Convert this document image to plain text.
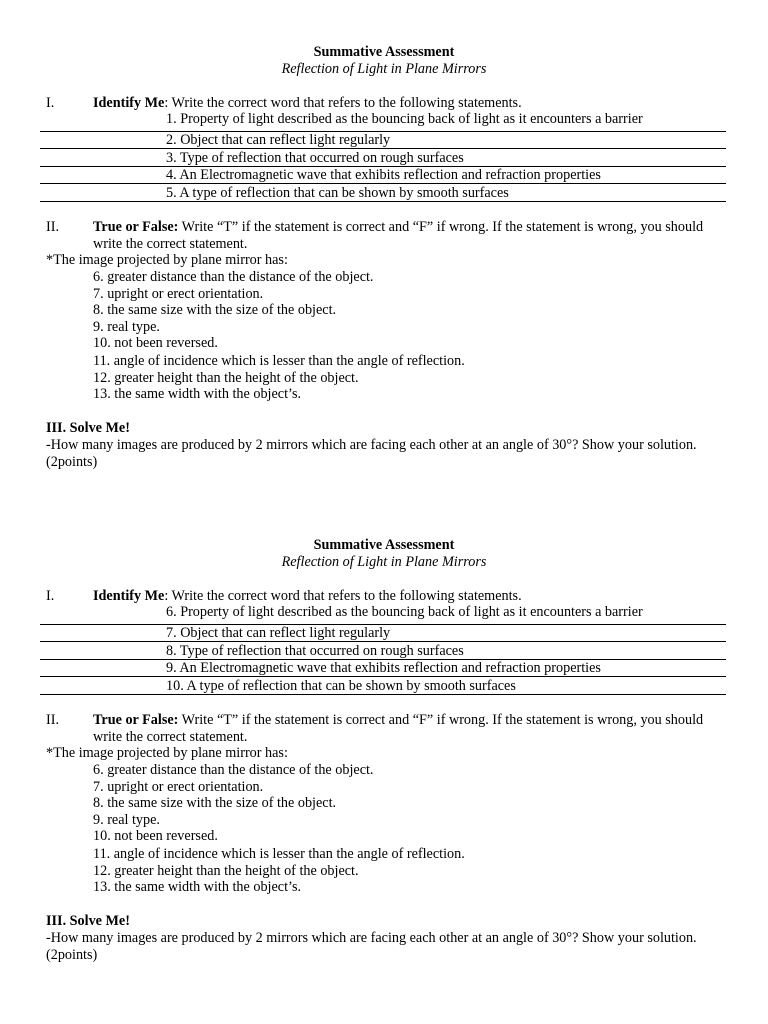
Summative Assessment
Reflection of Light in Plane Mirrors
I.	Identify Me: Write the correct word that refers to the following statements.
1. Property of light described as the bouncing back of light as it encounters a barrier
2. Object that can reflect light regularly
3. Type of reflection that occurred on rough surfaces
4. An Electromagnetic wave that exhibits reflection and refraction properties
5. A type of reflection that can be shown by smooth surfaces
II. True or False: Write “T” if the statement is correct and “F” if wrong. If the statement is wrong, you should write the correct statement.
*The image projected by plane mirror has:
6. greater distance than the distance of the object.
7. upright or erect orientation.
8. the same size with the size of the object.
9. real type.
10. not been reversed.
11. angle of incidence which is lesser than the angle of reflection.
12. greater height than the height of the object.
13. the same width with the object’s.
III. Solve Me!
-How many images are produced by 2 mirrors which are facing each other at an angle of 30°? Show your solution. (2points)
Summative Assessment
Reflection of Light in Plane Mirrors
I.	Identify Me: Write the correct word that refers to the following statements.
6. Property of light described as the bouncing back of light as it encounters a barrier
7. Object that can reflect light regularly
8. Type of reflection that occurred on rough surfaces
9. An Electromagnetic wave that exhibits reflection and refraction properties
10. A type of reflection that can be shown by smooth surfaces
II. True or False: Write “T” if the statement is correct and “F” if wrong. If the statement is wrong, you should write the correct statement.
*The image projected by plane mirror has:
6. greater distance than the distance of the object.
7. upright or erect orientation.
8. the same size with the size of the object.
9. real type.
10. not been reversed.
11. angle of incidence which is lesser than the angle of reflection.
12. greater height than the height of the object.
13. the same width with the object’s.
III. Solve Me!
-How many images are produced by 2 mirrors which are facing each other at an angle of 30°? Show your solution. (2points)
